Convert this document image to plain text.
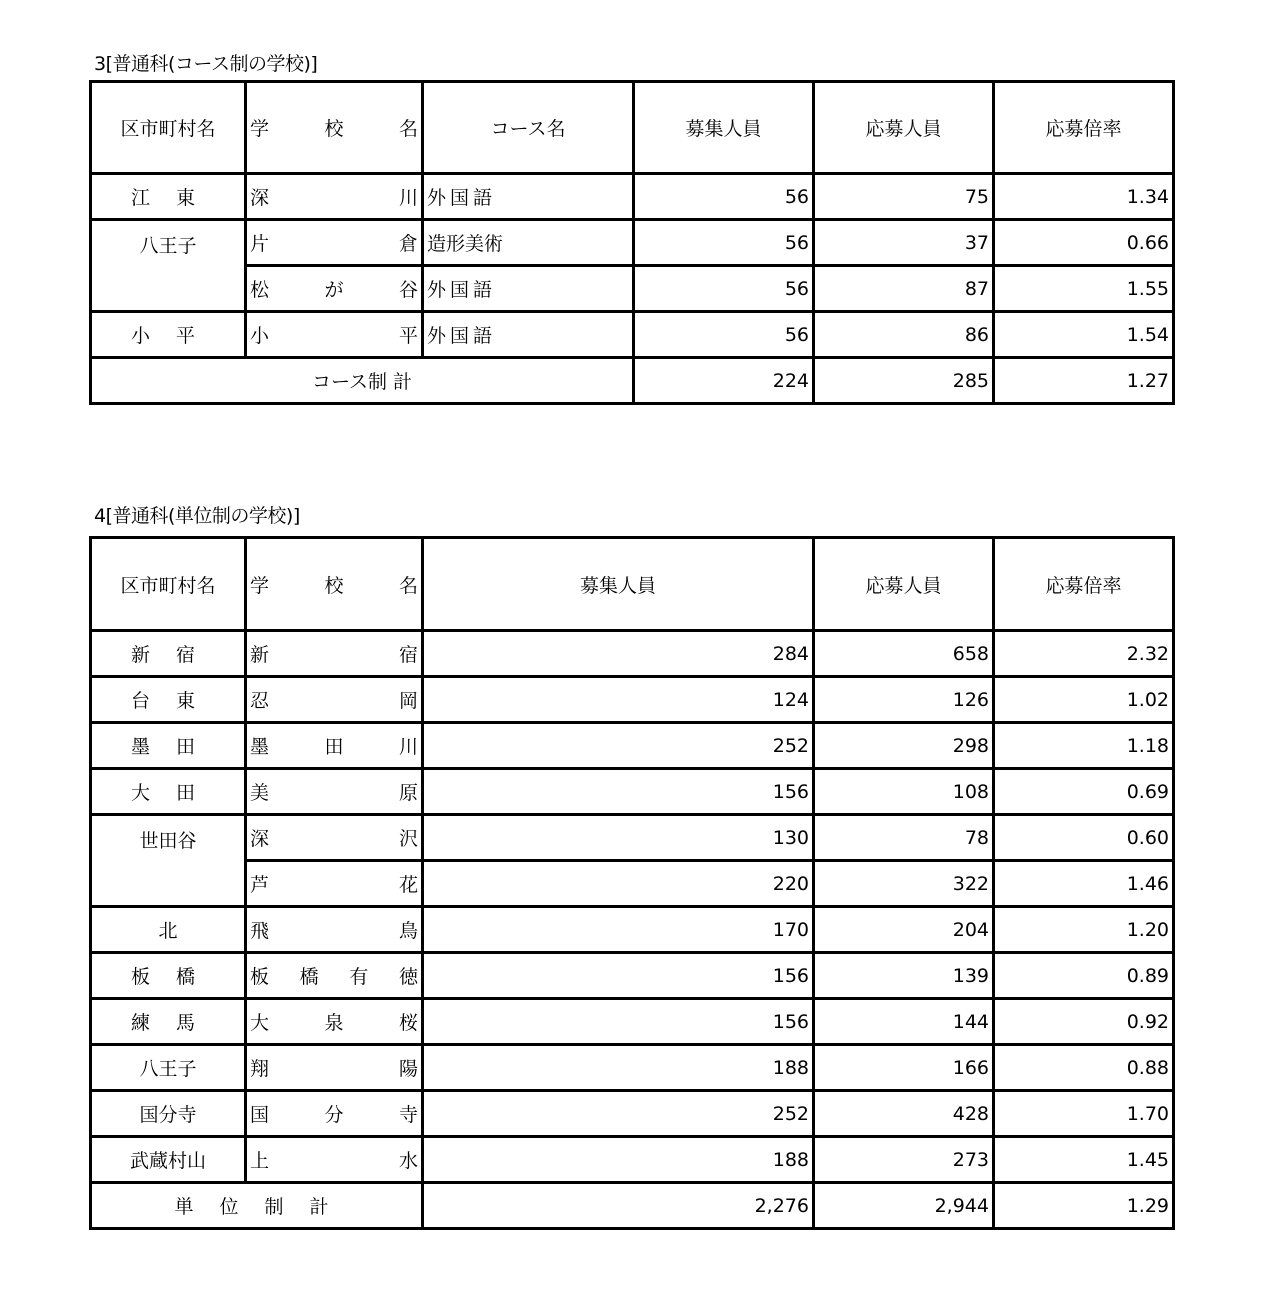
3[普通科(コース制の学校)]
区市町村名	学 校 名	コース名	募集人員	応募人員	応募倍率
江 東	深 川	外国語	56	75	1.34
八王子	片 倉	造形美術	56	37	0.66

	松 が 谷	外国語	56	87	1.55
小 平	小 平	外国語	56	86	1.54
コース制 計			224	285	1.27
4[普通科(単位制の学校)]
区市町村名	学 校 名	募集人員	応募人員	応募倍率
新 宿	新 宿	284	658	2.32
台 東	忍 岡	124	126	1.02
墨 田	墨 田 川	252	298	1.18
大 田	美 原	156	108	0.69
世田谷	深 沢	130	78	0.60

	芦 花	220	322	1.46
北	飛 鳥	170	204	1.20
板 橋	板 橋 有 徳	156	139	0.89
練 馬	大 泉 桜	156	144	0.92
八王子	翔 陽	188	166	0.88
国分寺	国 分 寺	252	428	1.70
武蔵村山	上 水	188	273	1.45
単 位 制 計		2,276	2,944	1.29
